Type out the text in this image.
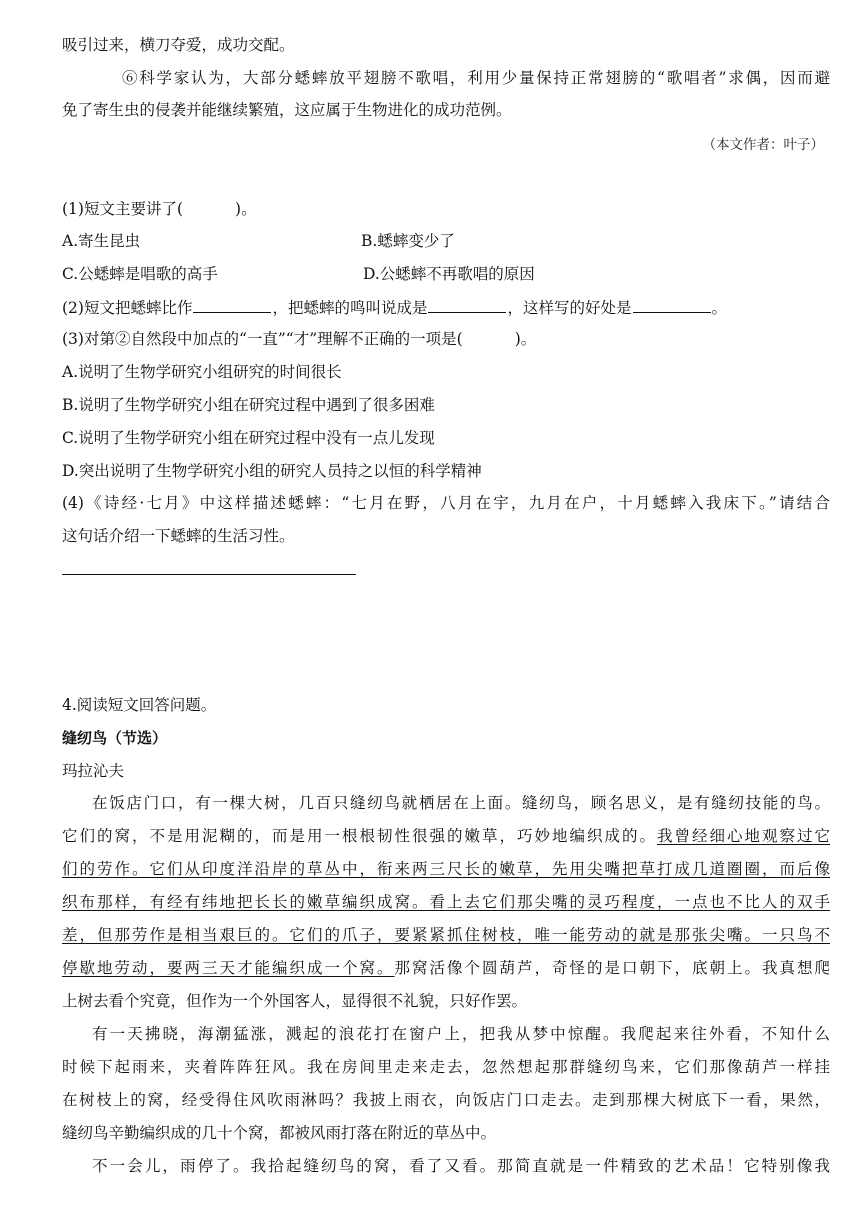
吸引过来，横刀夺爱，成功交配。
⑥科学家认为，大部分蟋蟀放平翅膀不歌唱，利用少量保持正常翅膀的“歌唱者”求偶，因而避
免了寄生虫的侵袭并能继续繁殖，这应属于生物进化的成功范例。
（本文作者：叶子）
(1)短文主要讲了(	)。
A.寄生昆虫	B.蟋蟀变少了
C.公蟋蟀是唱歌的高手	D.公蟋蟀不再歌唱的原因
(2)短文把蟋蟀比作	，把蟋蟀的鸣叫说成是	，这样写的好处是	。
(3)对第②自然段中加点的“一直”“才”理解不正确的一项是(	)。
A.说明了生物学研究小组研究的时间很长
B.说明了生物学研究小组在研究过程中遇到了很多困难
C.说明了生物学研究小组在研究过程中没有一点儿发现
D.突出说明了生物学研究小组的研究人员持之以恒的科学精神
(4)《诗经·七月》中这样描述蟋蟀：“七月在野，八月在宇，九月在户，十月蟋蟀入我床下。”请结合
这句话介绍一下蟋蟀的生活习性。
4.阅读短文回答问题。
缝纫鸟（节选）
玛拉沁夫
在饭店门口，有一棵大树，几百只缝纫鸟就栖居在上面。缝纫鸟，顾名思义，是有缝纫技能的鸟。
它们的窝，不是用泥糊的，而是用一根根韧性很强的嫩草，巧妙地编织成的。我曾经细心地观察过它
们的劳作。它们从印度洋沿岸的草丛中，衔来两三尺长的嫩草，先用尖嘴把草打成几道圈圈，而后像
织布那样，有经有纬地把长长的嫩草编织成窝。看上去它们那尖嘴的灵巧程度，一点也不比人的双手
差，但那劳作是相当艰巨的。它们的爪子，要紧紧抓住树枝，唯一能劳动的就是那张尖嘴。一只鸟不
停歇地劳动，要两三天才能编织成一个窝。那窝活像个圆葫芦，奇怪的是口朝下，底朝上。我真想爬
上树去看个究竟，但作为一个外国客人，显得很不礼貌，只好作罢。
有一天拂晓，海潮猛涨，溅起的浪花打在窗户上，把我从梦中惊醒。我爬起来往外看，不知什么
时候下起雨来，夹着阵阵狂风。我在房间里走来走去，忽然想起那群缝纫鸟来，它们那像葫芦一样挂
在树枝上的窝，经受得住风吹雨淋吗？我披上雨衣，向饭店门口走去。走到那棵大树底下一看，果然，
缝纫鸟辛勤编织成的几十个窝，都被风雨打落在附近的草丛中。
不一会儿，雨停了。我拾起缝纫鸟的窝，看了又看。那简直就是一件精致的艺术品！它特别像我
